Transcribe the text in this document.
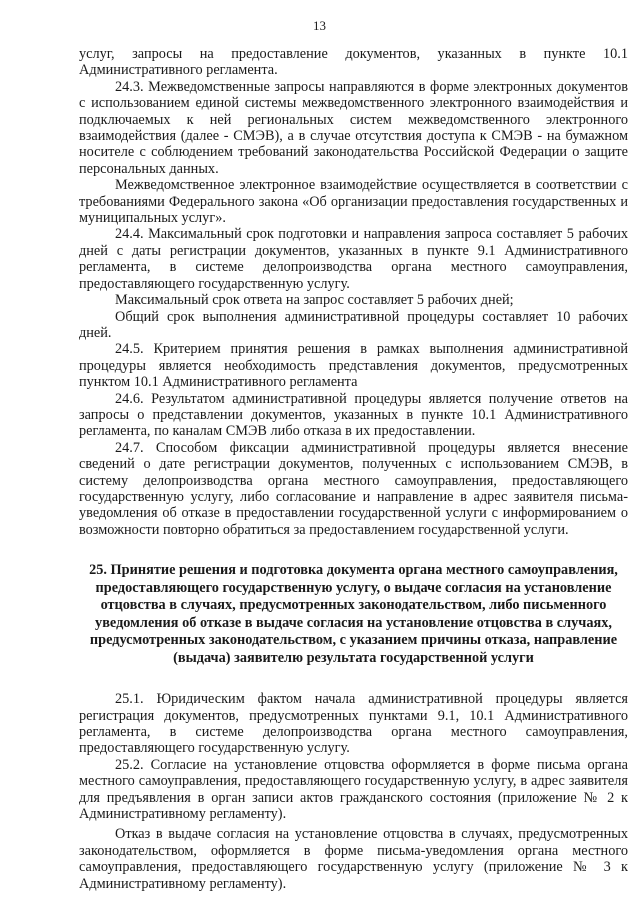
13

услуг, запросы на предоставление документов, указанных в пункте 10.1 Административного регламента.

24.3. Межведомственные запросы направляются в форме электронных документов с использованием единой системы межведомственного электронного взаимодействия и подключаемых к ней региональных систем межведомственного электронного взаимодействия (далее - СМЭВ), а в случае отсутствия доступа к СМЭВ - на бумажном носителе с соблюдением требований законодательства Российской Федерации о защите персональных данных.

Межведомственное электронное взаимодействие осуществляется в соответствии с требованиями Федерального закона «Об организации предоставления государственных и муниципальных услуг».

24.4. Максимальный срок подготовки и направления запроса составляет 5 рабочих дней с даты регистрации документов, указанных в пункте 9.1 Административного регламента, в системе делопроизводства органа местного самоуправления, предоставляющего государственную услугу.

Максимальный срок ответа на запрос составляет 5 рабочих дней;

Общий срок выполнения административной процедуры составляет 10 рабочих дней.

24.5. Критерием принятия решения в рамках выполнения административной процедуры является необходимость представления документов, предусмотренных пунктом 10.1 Административного регламента

24.6. Результатом административной процедуры является получение ответов на запросы о представлении документов, указанных в пункте 10.1 Административного регламента, по каналам СМЭВ либо отказа в их предоставлении.

24.7. Способом фиксации административной процедуры является внесение сведений о дате регистрации документов, полученных с использованием СМЭВ, в систему делопроизводства органа местного самоуправления, предоставляющего государственную услугу, либо согласование и направление в адрес заявителя письма-уведомления об отказе в предоставлении государственной услуги с информированием о возможности повторно обратиться за предоставлением государственной услуги.

25. Принятие решения и подготовка документа органа местного самоуправления, предоставляющего государственную услугу, о выдаче согласия на установление отцовства в случаях, предусмотренных законодательством, либо письменного уведомления об отказе в выдаче согласия на установление отцовства в случаях, предусмотренных законодательством, с указанием причины отказа, направление (выдача) заявителю результата государственной услуги

25.1. Юридическим фактом начала административной процедуры является регистрация документов, предусмотренных пунктами 9.1, 10.1 Административного регламента, в системе делопроизводства органа местного самоуправления, предоставляющего государственную услугу.

25.2. Согласие на установление отцовства оформляется в форме письма органа местного самоуправления, предоставляющего государственную услугу, в адрес заявителя для предъявления в орган записи актов гражданского состояния (приложение № 2 к Административному регламенту).

Отказ в выдаче согласия на установление отцовства в случаях, предусмотренных законодательством, оформляется в форме письма-уведомления органа местного самоуправления, предоставляющего государственную услугу (приложение № 3 к Административному регламенту).
